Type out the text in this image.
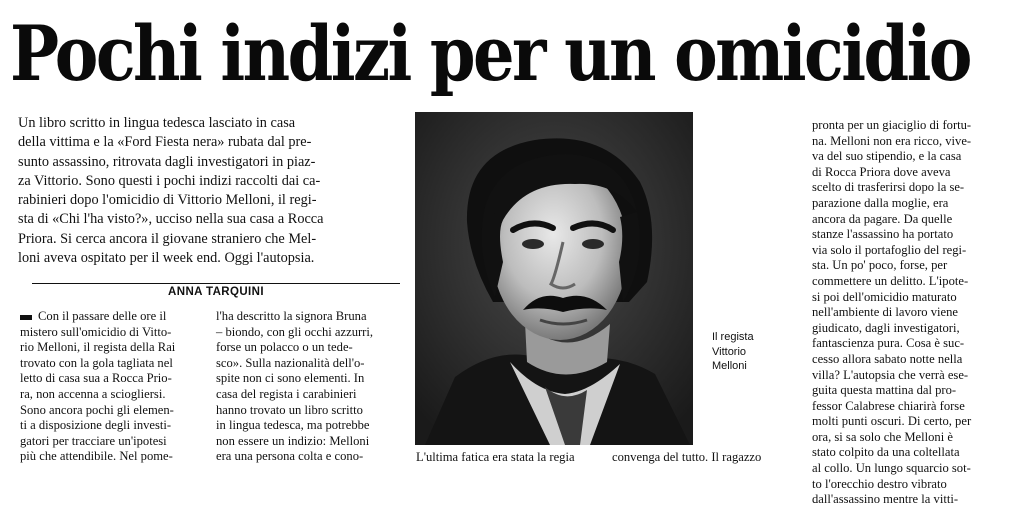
Pochi indizi per un omicidio
Un libro scritto in lingua tedesca lasciato in casa
della vittima e la «Ford Fiesta nera» rubata dal pre-
sunto assassino, ritrovata dagli investigatori in piaz-
za Vittorio. Sono questi i pochi indizi raccolti dai ca-
rabinieri dopo l'omicidio di Vittorio Melloni, il regi-
sta di «Chi l'ha visto?», ucciso nella sua casa a Rocca
Priora. Si cerca ancora il giovane straniero che Mel-
loni aveva ospitato per il week end. Oggi l'autopsia.
ANNA TARQUINI
Con il passare delle ore il
mistero sull'omicidio di Vitto-
rio Melloni, il regista della Rai
trovato con la gola tagliata nel
letto di casa sua a Rocca Prio-
ra, non accenna a sciogliersi.
Sono ancora pochi gli elemen-
ti a disposizione degli investi-
gatori per tracciare un'ipotesi
più che attendibile. Nel pome-
l'ha descritto la signora Bruna
– biondo, con gli occhi azzurri,
forse un polacco o un tede-
sco». Sulla nazionalità dell'o-
spite non ci sono elementi. In
casa del regista i carabinieri
hanno trovato un libro scritto
in lingua tedesca, ma potrebbe
non essere un indizio: Melloni
era una persona colta e cono-
Il regista
Vittorio
Melloni
pronta per un giaciglio di fortu-
na. Melloni non era ricco, vive-
va del suo stipendio, e la casa
di Rocca Priora dove aveva
scelto di trasferirsi dopo la se-
parazione dalla moglie, era
ancora da pagare. Da quelle
stanze l'assassino ha portato
via solo il portafoglio del regi-
sta. Un po' poco, forse, per
commettere un delitto. L'ipote-
si poi dell'omicidio maturato
nell'ambiente di lavoro viene
giudicato, dagli investigatori,
fantascienza pura. Cosa è suc-
cesso allora sabato notte nella
villa? L'autopsia che verrà ese-
guita questa mattina dal pro-
fessor Calabrese chiarirà forse
molti punti oscuri. Di certo, per
ora, si sa solo che Melloni è
stato colpito da una coltellata
al collo. Un lungo squarcio sot-
to l'orecchio destro vibrato
dall'assassino mentre la vitti-
L'ultima fatica era stata la regia	convenga del tutto. Il ragazzo
